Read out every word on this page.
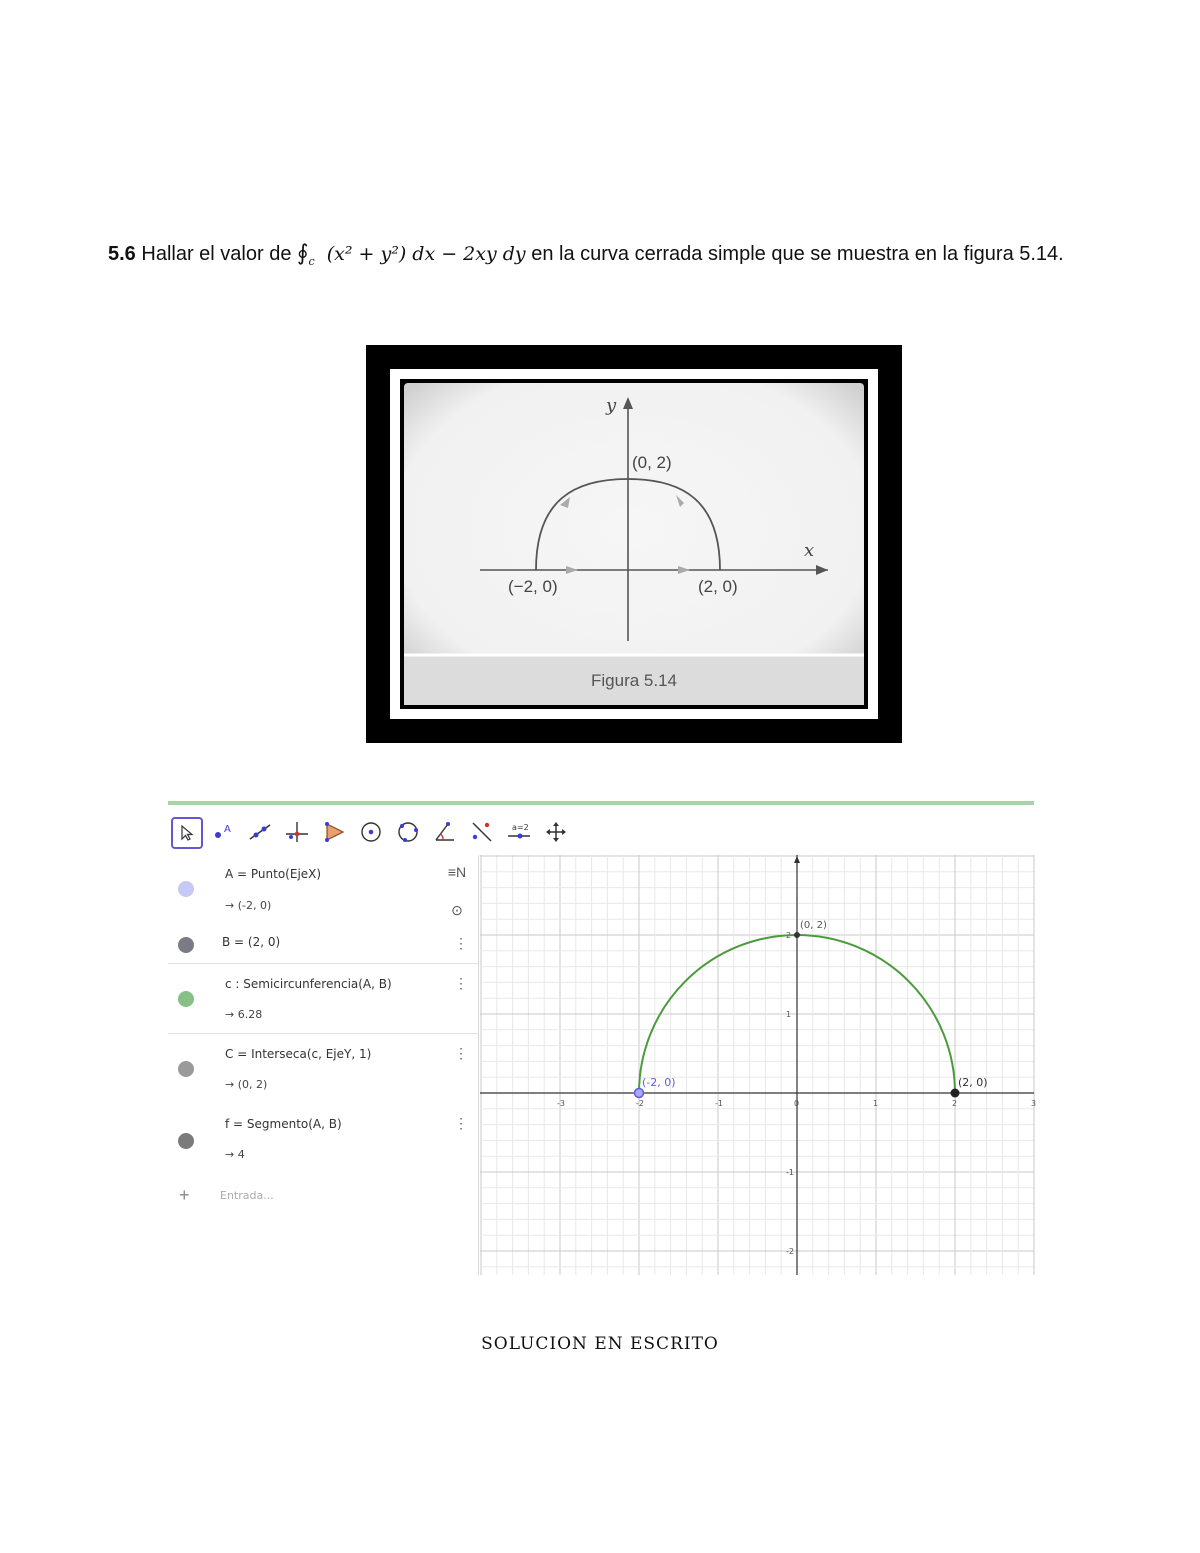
5.6 Hallar el valor de $∮_c$ (x² + y²) dx − 2xy dy en la curva cerrada simple que se muestra en la figura 5.14.
y
x
(0, 2)
(−2, 0)	(2, 0)
Figura 5.14
A	a=2
≡N
⊙
A = Punto(EjeX)
→ (-2, 0)
B = (2, 0)	⋮
c : Semicircunferencia(A, B)
→ 6.28
⋮
C = Interseca(c, EjeY, 1)
→ (0, 2)
⋮
f = Segmento(A, B)
→ 4
⋮
+	Entrada...
-3	-2	-1	0	1	2	3
2
1
-1
-2
(-2, 0)	(2, 0)
(0, 2)
SOLUCION EN ESCRITO
